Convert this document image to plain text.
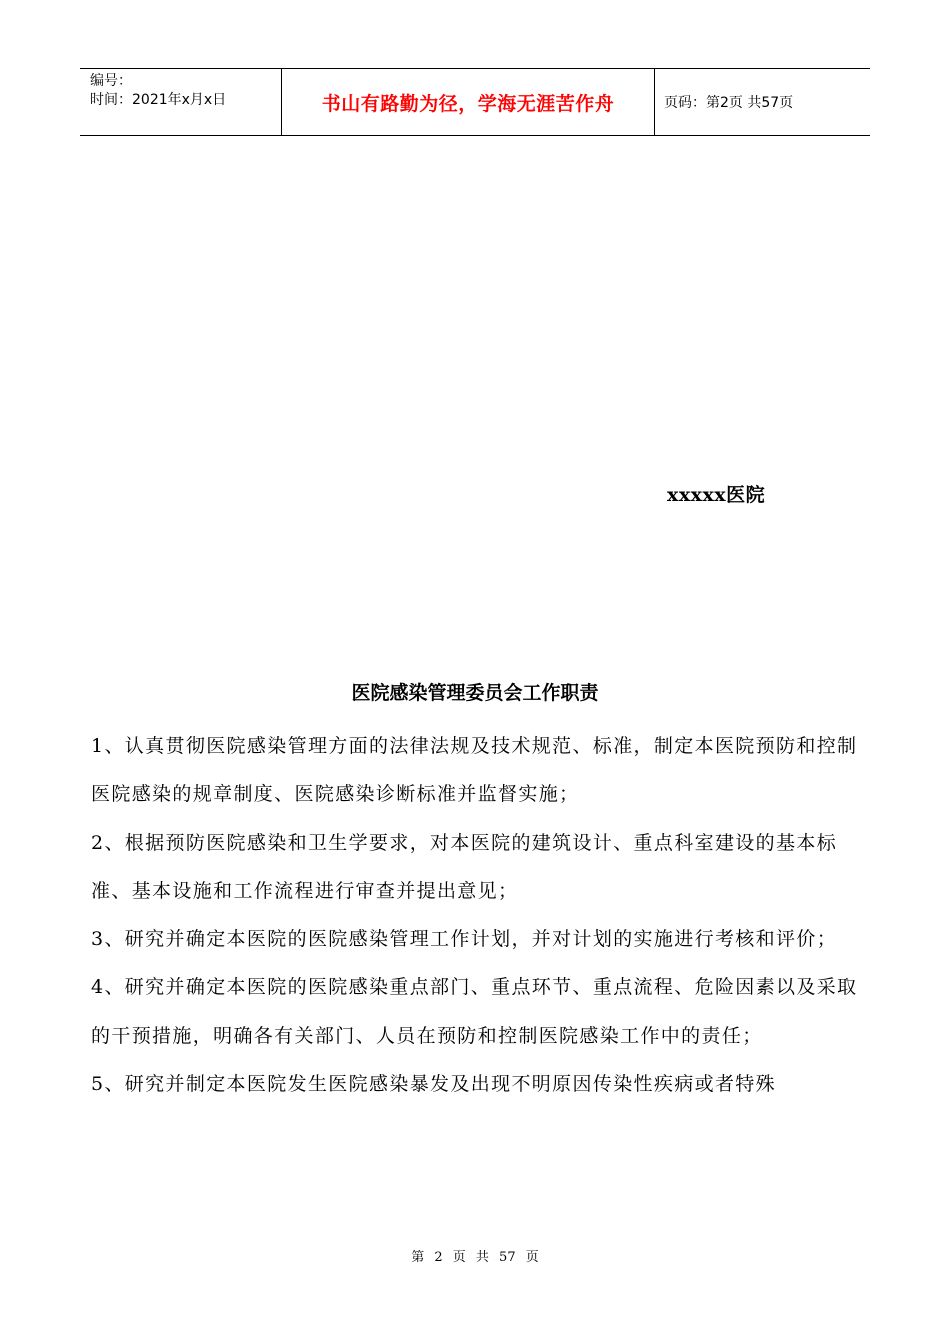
编号：
时间：2021年x月x日	书山有路勤为径，学海无涯苦作舟	页码：第2页 共57页
xxxxx医院
医院感染管理委员会工作职责

1、认真贯彻医院感染管理方面的法律法规及技术规范、标准，制定本医院预防和控制医院感染的规章制度、医院感染诊断标准并监督实施；

2、根据预防医院感染和卫生学要求，对本医院的建筑设计、重点科室建设的基本标准、基本设施和工作流程进行审查并提出意见；

3、研究并确定本医院的医院感染管理工作计划，并对计划的实施进行考核和评价；

4、研究并确定本医院的医院感染重点部门、重点环节、重点流程、危险因素以及采取的干预措施，明确各有关部门、人员在预防和控制医院感染工作中的责任；

5、研究并制定本医院发生医院感染暴发及出现不明原因传染性疾病或者特殊

第 2 页 共 57 页
